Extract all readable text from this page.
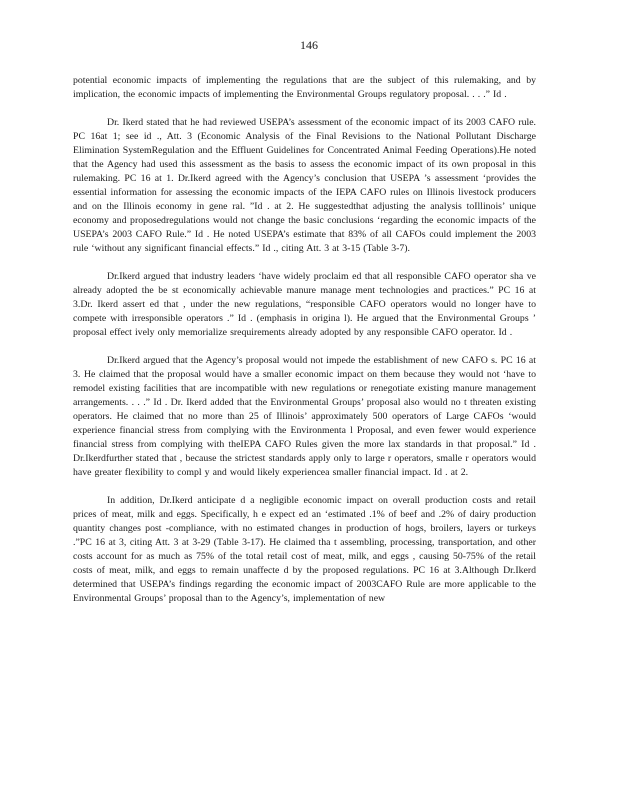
146

potential economic impacts of implementing the regulations that are the subject of this rulemaking, and by implication, the economic impacts of implementing the Environmental Groups regulatory proposal. . . .” Id .

Dr. Ikerd stated that he had reviewed USEPA’s assessment of the economic impact of its 2003 CAFO rule. PC 16at 1; see id ., Att. 3 (Economic Analysis of the Final Revisions to the National Pollutant Discharge Elimination SystemRegulation and the Effluent Guidelines for Concentrated Animal Feeding Operations).He noted that the Agency had used this assessment as the basis to assess the economic impact of its own proposal in this rulemaking. PC 16 at 1. Dr.Ikerd agreed with the Agency’s conclusion that USEPA ’s assessment ‘provides the essential information for assessing the economic impacts of the IEPA CAFO rules on Illinois livestock producers and on the Illinois economy in gene ral. ”Id . at 2. He suggestedthat adjusting the analysis toIllinois’ unique economy and proposedregulations would not change the basic conclusions ‘regarding the economic impacts of the USEPA’s 2003 CAFO Rule.” Id . He noted USEPA’s estimate that 83% of all CAFOs could implement the 2003 rule ‘without any significant financial effects.” Id ., citing Att. 3 at 3-15 (Table 3-7).

Dr.Ikerd argued that industry leaders ‘have widely proclaim ed that all responsible CAFO operator sha ve already adopted the be st economically achievable manure manage ment technologies and practices.” PC 16 at 3.Dr. Ikerd assert ed that , under the new regulations, “responsible CAFO operators would no longer have to compete with irresponsible operators .” Id . (emphasis in origina l). He argued that the Environmental Groups ’ proposal effect ively only memorialize srequirements already adopted by any responsible CAFO operator. Id .

Dr.Ikerd argued that the Agency’s proposal would not impede the establishment of new CAFO s. PC 16 at 3. He claimed that the proposal would have a smaller economic impact on them because they would not ‘have to remodel existing facilities that are incompatible with new regulations or renegotiate existing manure management arrangements. . . .” Id . Dr. Ikerd added that the Environmental Groups’ proposal also would no t threaten existing operators. He claimed that no more than 25 of Illinois’ approximately 500 operators of Large CAFOs ‘would experience financial stress from complying with the Environmenta l Proposal, and even fewer would experience financial stress from complying with theIEPA CAFO Rules given the more lax standards in that proposal.” Id . Dr.Ikerdfurther stated that , because the strictest standards apply only to large r operators, smalle r operators would have greater flexibility to compl y and would likely experiencea smaller financial impact. Id . at 2.

In addition, Dr.Ikerd anticipate d a negligible economic impact on overall production costs and retail prices of meat, milk and eggs. Specifically, h e expect ed an ‘estimated .1% of beef and .2% of dairy production quantity changes post -compliance, with no estimated changes in production of hogs, broilers, layers or turkeys .”PC 16 at 3, citing Att. 3 at 3-29 (Table 3-17). He claimed tha t assembling, processing, transportation, and other costs account for as much as 75% of the total retail cost of meat, milk, and eggs , causing 50-75% of the retail costs of meat, milk, and eggs to remain unaffecte d by the proposed regulations. PC 16 at 3.Although Dr.Ikerd determined that USEPA’s findings regarding the economic impact of 2003CAFO Rule are more applicable to the Environmental Groups’ proposal than to the Agency’s, implementation of new
